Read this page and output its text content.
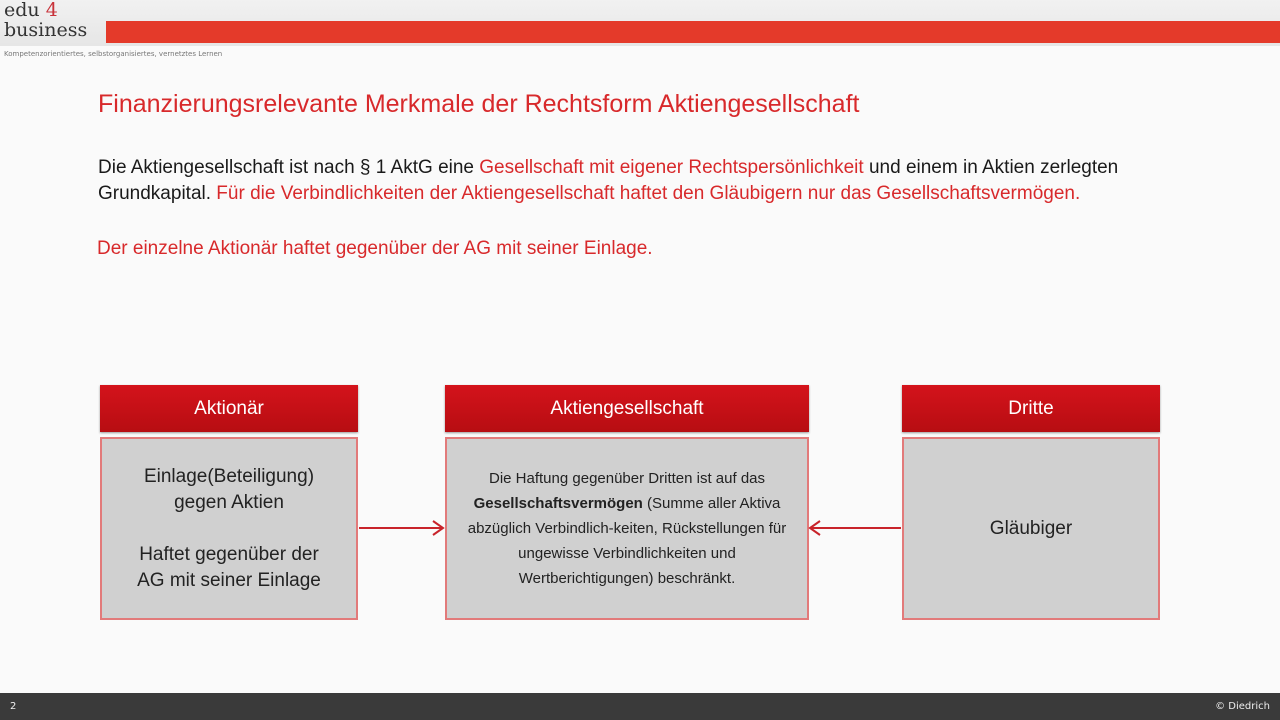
edu 4
business
Kompetenzorientiertes, selbstorganisiertes, vernetztes Lernen
Finanzierungsrelevante Merkmale der Rechtsform Aktiengesellschaft
Die Aktiengesellschaft ist nach § 1 AktG eine Gesellschaft mit eigener Rechtspersönlichkeit und einem in Aktien zerlegten Grundkapital. Für die Verbindlichkeiten der Aktiengesellschaft haftet den Gläubigern nur das Gesellschaftsvermögen.
Der einzelne Aktionär haftet gegenüber der AG mit seiner Einlage.
Aktionär
Einlage(Beteiligung)
gegen Aktien

Haftet gegenüber der
AG mit seiner Einlage
Aktiengesellschaft
Die Haftung gegenüber Dritten ist auf das Gesellschaftsvermögen (Summe aller Aktiva abzüglich Verbindlich-keiten, Rückstellungen für ungewisse Verbindlichkeiten und Wertberichtigungen) beschränkt.
Dritte
Gläubiger
2	© Diedrich
